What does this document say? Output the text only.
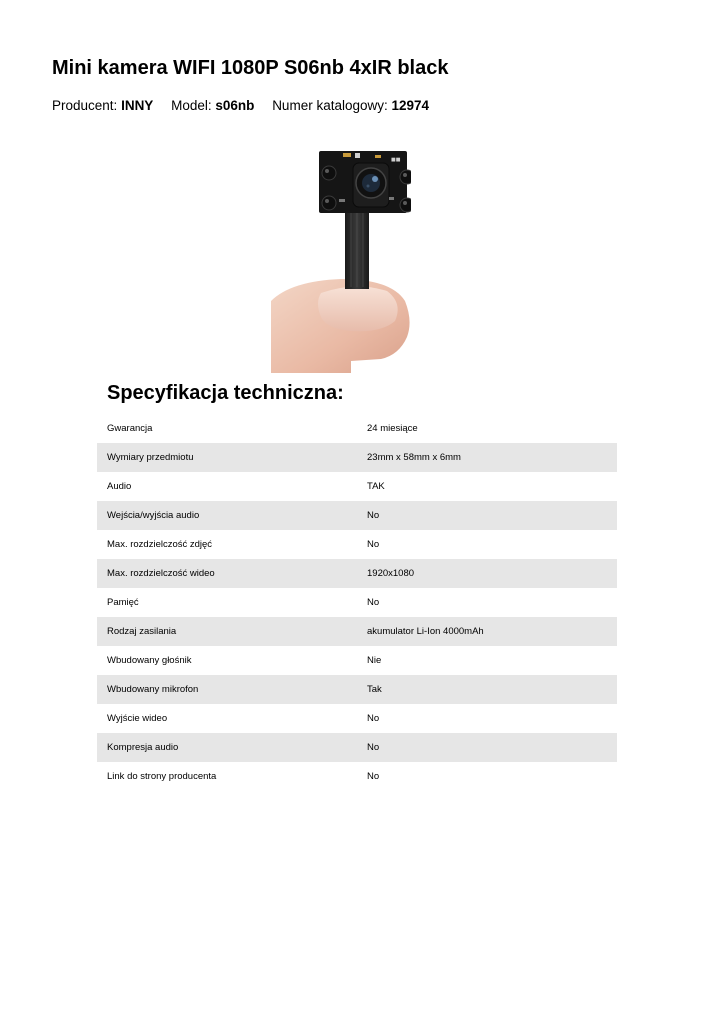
Mini kamera WIFI 1080P S06nb 4xIR black
Producent: INNY Model: s06nb Numer katalogowy: 12974
■■
Specyfikacja techniczna:
Gwarancja	24 miesiące
Wymiary przedmiotu	23mm x 58mm x 6mm
Audio	TAK
Wejścia/wyjścia audio	No
Max. rozdzielczość zdjęć	No
Max. rozdzielczość wideo	1920x1080
Pamięć	No
Rodzaj zasilania	akumulator Li-Ion 4000mAh
Wbudowany głośnik	Nie
Wbudowany mikrofon	Tak
Wyjście wideo	No
Kompresja audio	No
Link do strony producenta	No
